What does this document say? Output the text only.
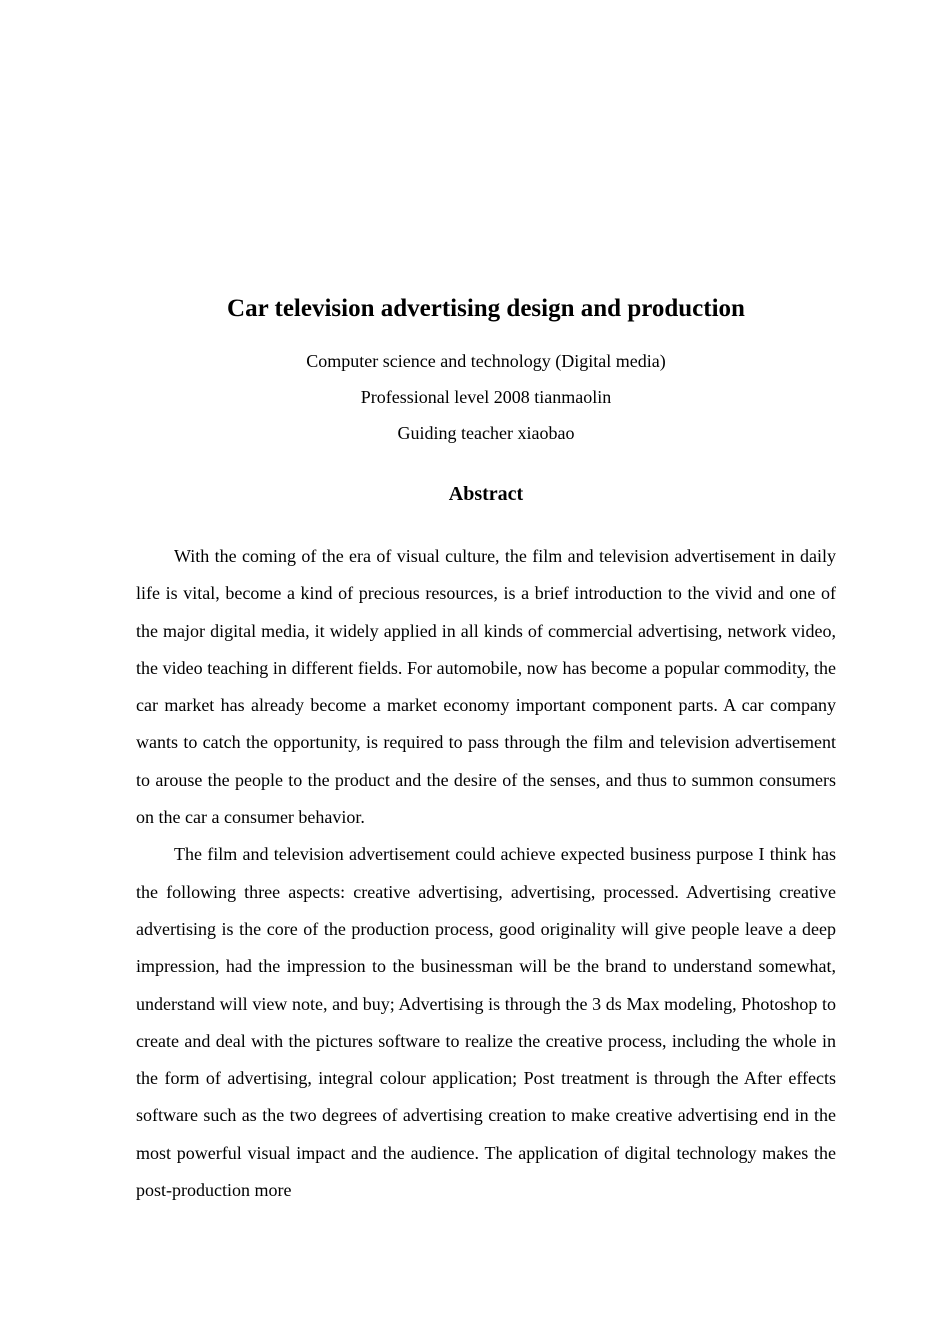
Car television advertising design and production
Computer science and technology (Digital media)
Professional level 2008 tianmaolin
Guiding teacher xiaobao
Abstract

With the coming of the era of visual culture, the film and television advertisement in daily life is vital, become a kind of precious resources, is a brief introduction to the vivid and one of the major digital media, it widely applied in all kinds of commercial advertising, network video, the video teaching in different fields. For automobile, now has become a popular commodity, the car market has already become a market economy important component parts. A car company wants to catch the opportunity, is required to pass through the film and television advertisement to arouse the people to the product and the desire of the senses, and thus to summon consumers on the car a consumer behavior.

The film and television advertisement could achieve expected business purpose I think has the following three aspects: creative advertising, advertising, processed. Advertising creative advertising is the core of the production process, good originality will give people leave a deep impression, had the impression to the businessman will be the brand to understand somewhat, understand will view note, and buy; Advertising is through the 3 ds Max modeling, Photoshop to create and deal with the pictures software to realize the creative process, including the whole in the form of advertising, integral colour application; Post treatment is through the After effects software such as the two degrees of advertising creation to make creative advertising end in the most powerful visual impact and the audience. The application of digital technology makes the post-production more
